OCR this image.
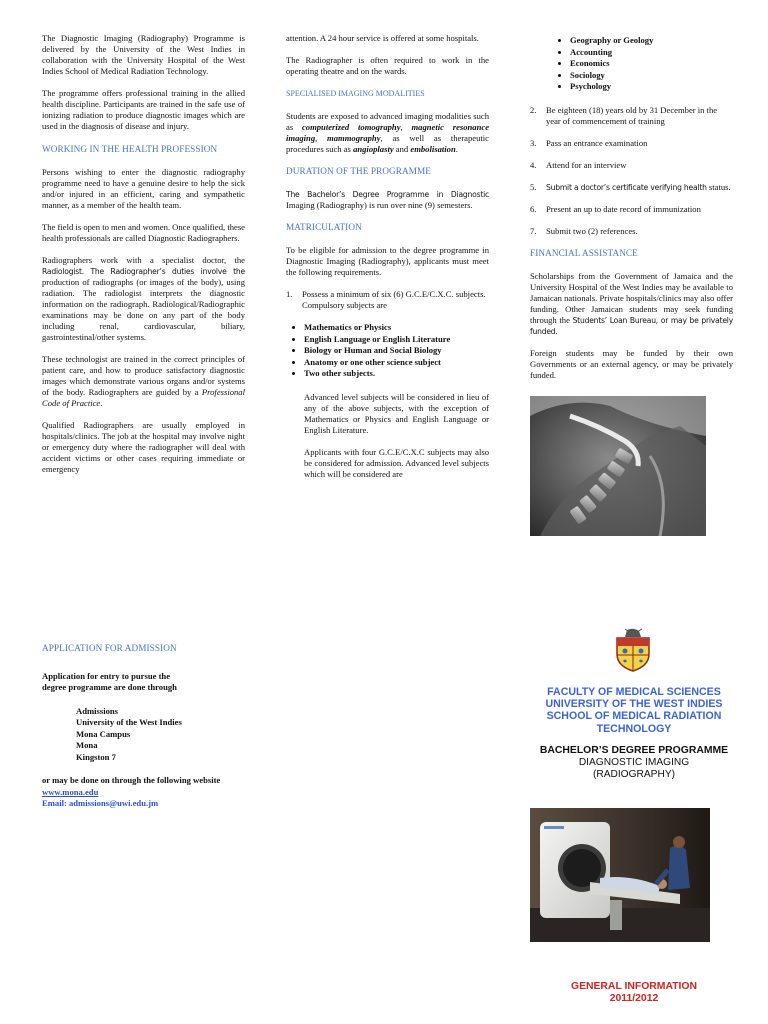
The Diagnostic Imaging (Radiography) Programme is delivered by the University of the West Indies in collaboration with the University Hospital of the West Indies School of Medical Radiation Technology.

The programme offers professional training in the allied health discipline. Participants are trained in the safe use of ionizing radiation to produce diagnostic images which are used in the diagnosis of disease and injury.

WORKING IN THE HEALTH PROFESSION

Persons wishing to enter the diagnostic radiography programme need to have a genuine desire to help the sick and/or injured in an efficient, caring and sympathetic manner, as a member of the health team.

The field is open to men and women. Once qualified, these health professionals are called Diagnostic Radiographers.

Radiographers work with a specialist doctor, the Radiologist. The Radiographer’s duties involve the production of radiographs (or images of the body), using radiation. The radiologist interprets the diagnostic information on the radiograph. Radiological/Radiographic examinations may be done on any part of the body including renal, cardiovascular, biliary, gastrointestinal/other systems.

These technologist are trained in the correct principles of patient care, and how to produce satisfactory diagnostic images which demonstrate various organs and/or systems of the body. Radiographers are guided by a Professional Code of Practice.

Qualified Radiographers are usually employed in hospitals/clinics. The job at the hospital may involve night or emergency duty where the radiographer will deal with accident victims or other cases requiring immediate or emergency

attention. A 24 hour service is offered at some hospitals.

The Radiographer is often required to work in the operating theatre and on the wards.

SPECIALISED IMAGING MODALITIES

Students are exposed to advanced imaging modalities such as computerized tomography, magnetic resonance imaging, mammography, as well as therapeutic procedures such as angioplasty and embolisation.

DURATION OF THE PROGRAMME

The Bachelor’s Degree Programme in Diagnostic Imaging (Radiography) is run over nine (9) semesters.

MATRICULATION

To be eligible for admission to the degree programme in Diagnostic Imaging (Radiography), applicants must meet the following requirements.

1. Possess a minimum of six (6) G.C.E/C.X.C. subjects. Compulsory subjects are
• Mathematics or Physics
• English Language or English Literature
• Biology or Human and Social Biology
• Anatomy or one other science subject
• Two other subjects.

Advanced level subjects will be considered in lieu of any of the above subjects, with the exception of Mathematics or Physics and English Language or English Literature.

Applicants with four G.C.E/C.X.C subjects may also be considered for admission. Advanced level subjects which will be considered are

• Geography or Geology
• Accounting
• Economics
• Sociology
• Psychology
2. Be eighteen (18) years old by 31 December in the year of commencement of training
3. Pass an entrance examination
4. Attend for an interview
5. Submit a doctor’s certificate verifying health status.
6. Present an up to date record of immunization
7. Submit two (2) references.
FINANCIAL ASSISTANCE

Scholarships from the Government of Jamaica and the University Hospital of the West Indies may be available to Jamaican nationals. Private hospitals/clinics may also offer funding. Other Jamaican students may seek funding through the Students’ Loan Bureau, or may be privately funded.

Foreign students may be funded by their own Governments or an external agency, or may be privately funded.

APPLICATION FOR ADMISSION
Application for entry to pursue the
degree programme are done through
Admissions
University of the West Indies
Mona Campus
Mona
Kingston 7
or may be done on through the following website
www.mona.edu
Email: admissions@uwi.edu.jm
FACULTY OF MEDICAL SCIENCES
UNIVERSITY OF THE WEST INDIES
SCHOOL OF MEDICAL RADIATION
TECHNOLOGY
BACHELOR’S DEGREE PROGRAMME
DIAGNOSTIC IMAGING
(RADIOGRAPHY)
GENERAL INFORMATION
2011/2012
